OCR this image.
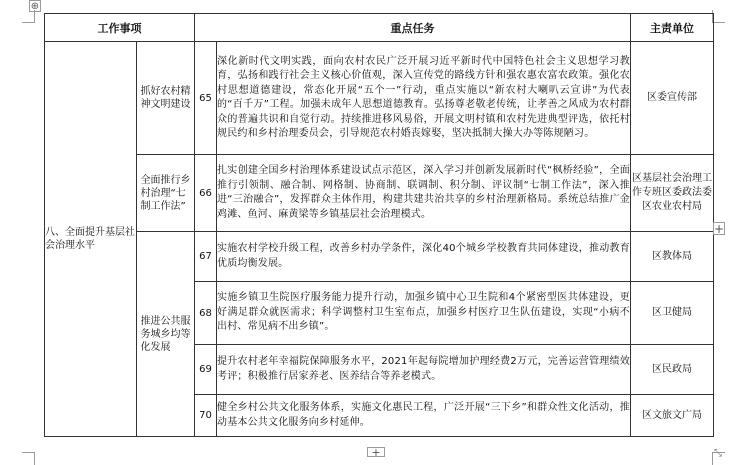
⊕
工作事项		重点任务		主责单位
八、全面提升基层社会治理水平	抓好农村精神文明建设	65	深化新时代文明实践，面向农村农民广泛开展习近平新时代中国特色社会主义思想学习教育，弘扬和践行社会主义核心价值观，深入宣传党的路线方针和强农惠农富农政策。强化农村思想道德建设，常态化开展“五个一”行动，重点实施以“新农村大喇叭云宣讲”为代表的“百千万”工程。加强未成年人思想道德教育。弘扬尊老敬老传统，让孝善之风成为农村群众的普遍共识和自觉行动。持续推进移风易俗，开展文明村镇和农村先进典型评选，依托村规民约和乡村治理委员会，引导规范农村婚丧嫁娶，坚决抵制大操大办等陈规陋习。	区委宣传部
	全面推行乡村治理“七制工作法”	66	扎实创建全国乡村治理体系建设试点示范区，深入学习并创新发展新时代“枫桥经验”，全面推行引领制、融合制、网格制、协商制、联调制、积分制、评议制“七制工作法”，深入推进“三治融合”，发挥群众主体作用，构建共建共治共享的乡村治理新格局。系统总结推广金鸡滩、鱼河、麻黄梁等乡镇基层社会治理模式。	区基层社会治理工作专班区委政法委区农业农村局
	推进公共服务城乡均等化发展	67	实施农村学校升级工程，改善乡村办学条件，深化40个城乡学校教育共同体建设，推动教育优质均衡发展。	区教体局
		68	实施乡镇卫生院医疗服务能力提升行动，加强乡镇中心卫生院和4个紧密型医共体建设，更好满足群众就医需求；科学调整村卫生室布点，加强乡村医疗卫生队伍建设，实现“小病不出村、常见病不出乡镇”。	区卫健局
		69	提升农村老年幸福院保障服务水平，2021年起每院增加护理经费2万元，完善运营管理绩效考评；积极推行居家养老、医养结合等养老模式。	区民政局
		70	健全乡村公共文化服务体系，实施文化惠民工程，广泛开展“三下乡”和群众性文化活动，推动基本公共文化服务向乡村延伸。	区文旅文广局
+
+	⤡
